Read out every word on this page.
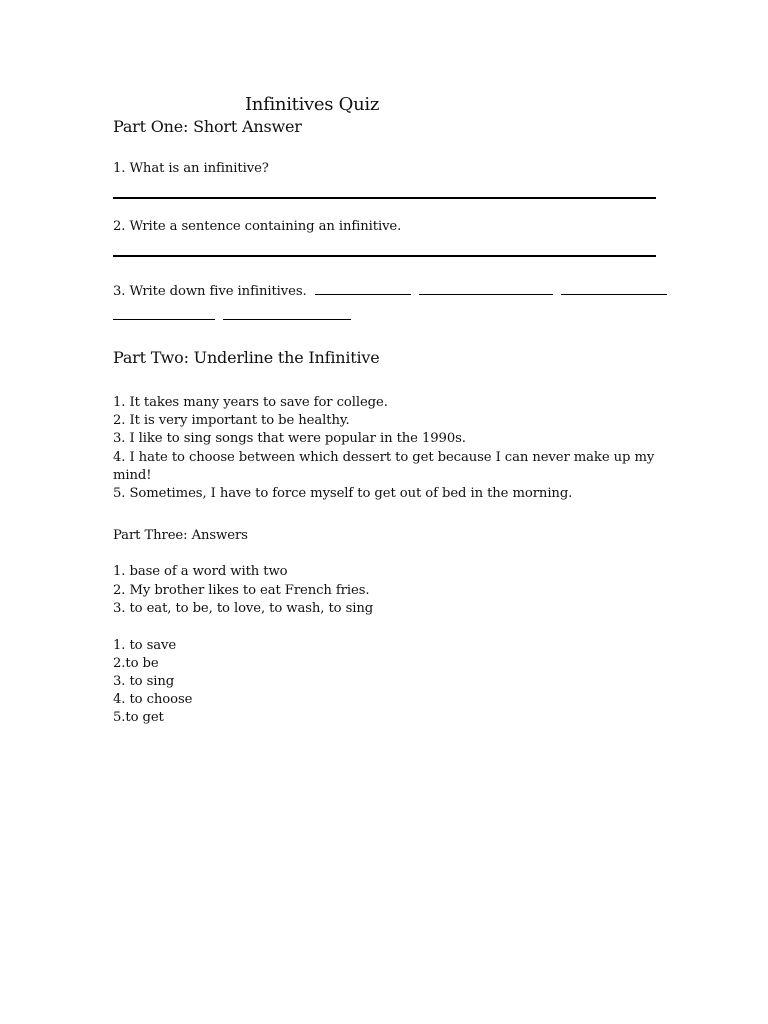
Infinitives Quiz
Part One: Short Answer
1. What is an infinitive?
2. Write a sentence containing an infinitive.
3. Write down five infinitives.

Part Two: Underline the Infinitive
1. It takes many years to save for college.
2. It is very important to be healthy.
3. I like to sing songs that were popular in the 1990s.
4. I hate to choose between which dessert to get because I can never make up my
mind!
5. Sometimes, I have to force myself to get out of bed in the morning.
Part Three: Answers
1. base of a word with two
2. My brother likes to eat French fries.
3. to eat, to be, to love, to wash, to sing
1. to save
2.to be
3. to sing
4. to choose
5.to get
